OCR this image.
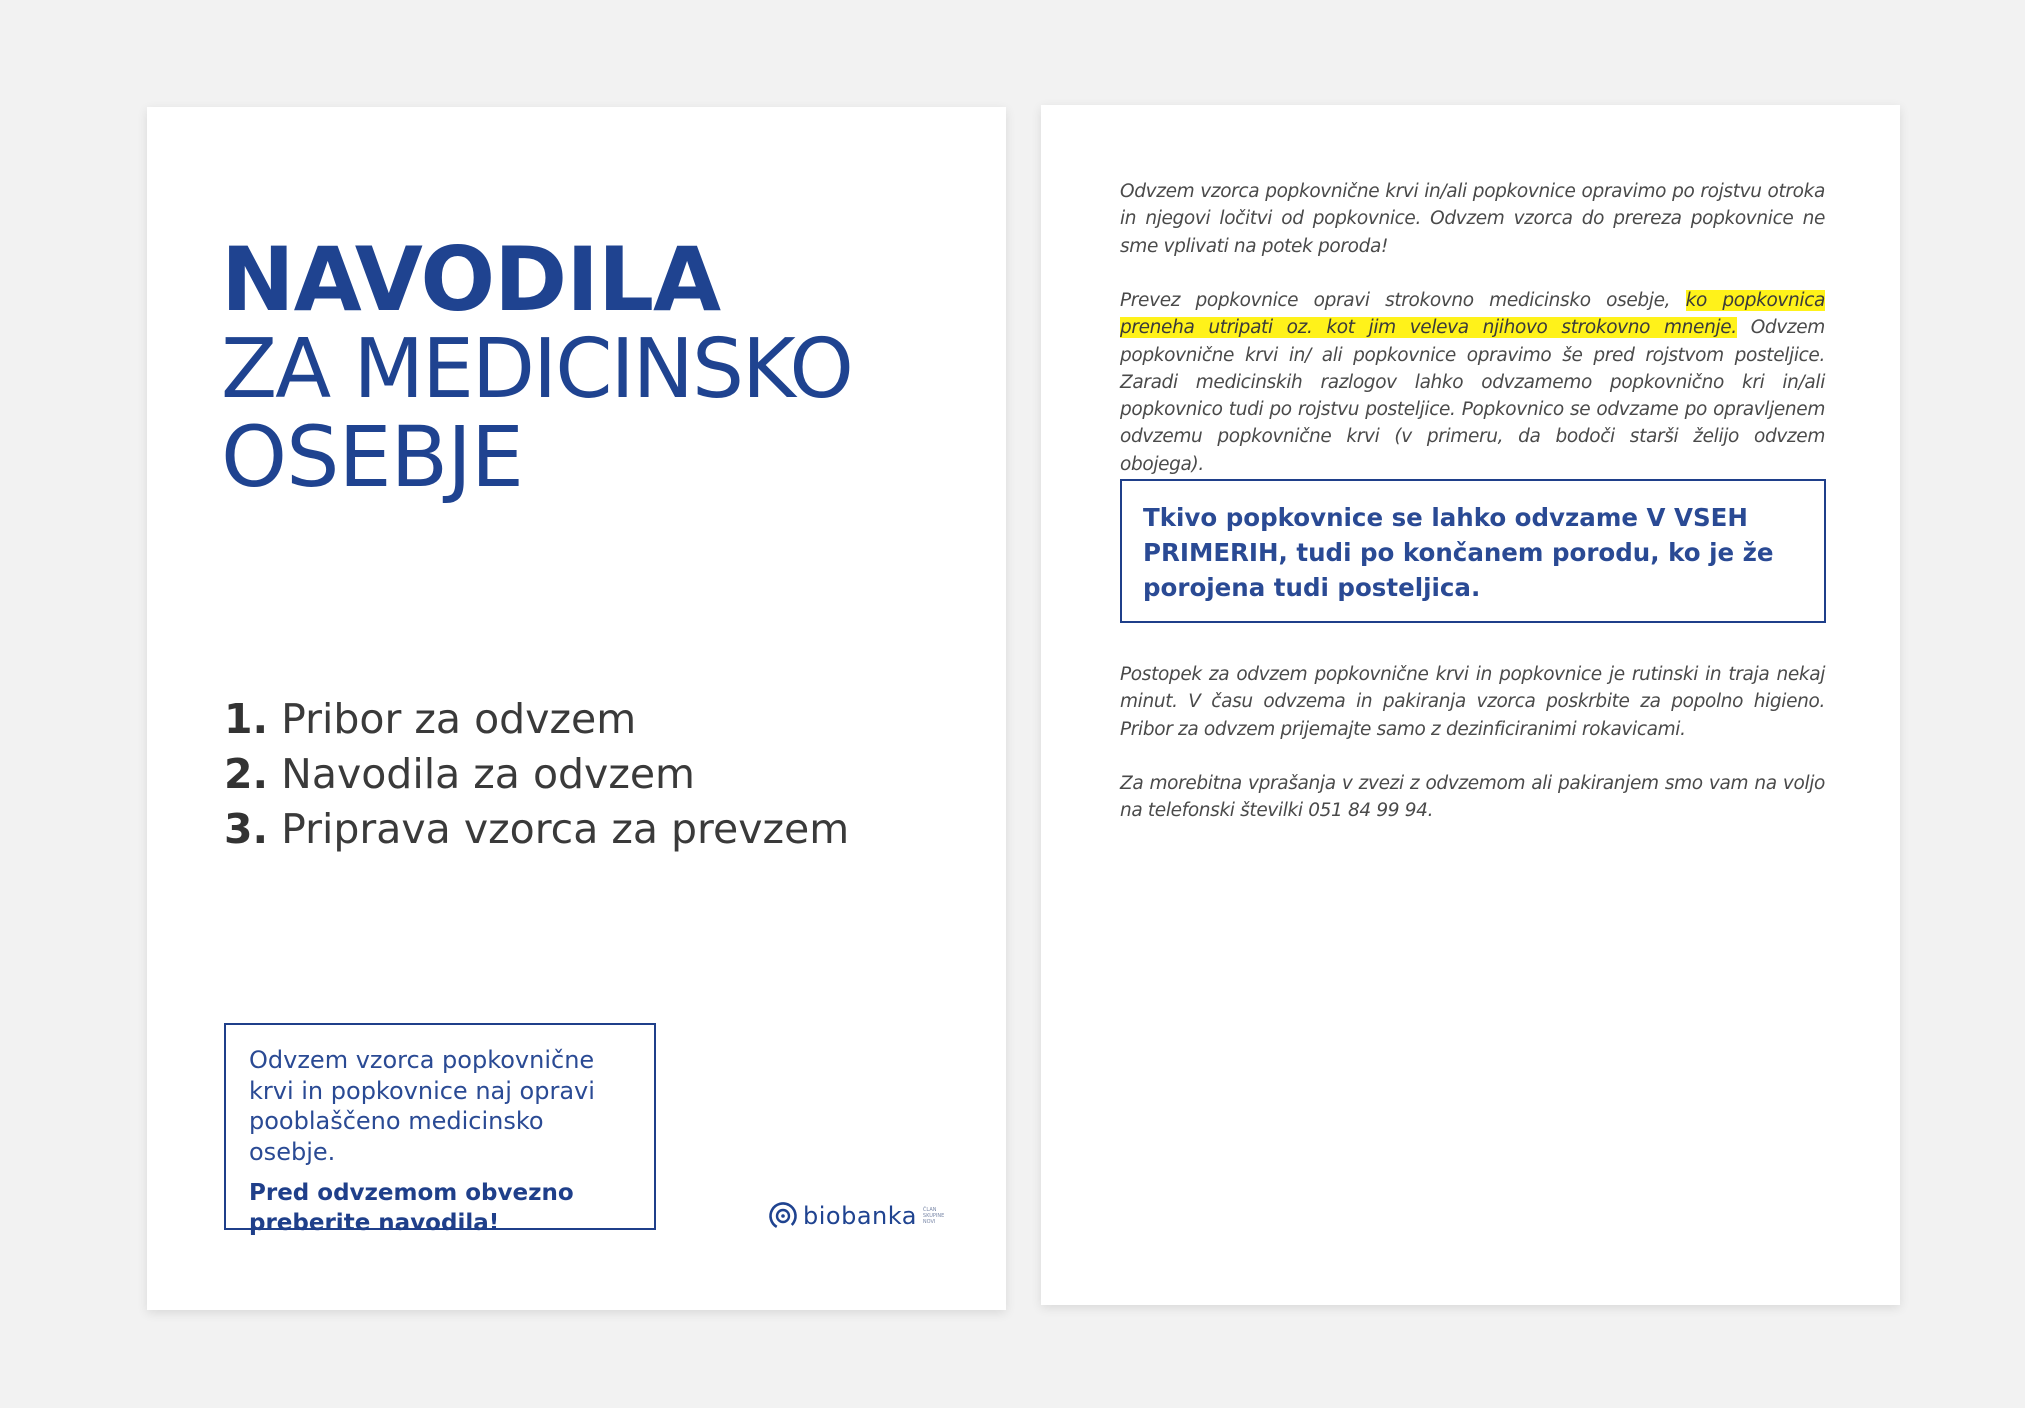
NAVODILA
ZA MEDICINSKO
OSEBJE
1. Pribor za odvzem
2. Navodila za odvzem
3. Priprava vzorca za prevzem

Odvzem vzorca popkovnične krvi in popkovnice naj opravi pooblaščeno medicinsko osebje.

Pred odvzemom obvezno preberite navodila!	biobanka ČLAN SKUPINE NOVI

Odvzem vzorca popkovnične krvi in/ali popkovnice opravimo po rojstvu otroka in njegovi ločitvi od popkovnice. Odvzem vzorca do prereza popkovnice ne sme vplivati na potek poroda!

Prevez popkovnice opravi strokovno medicinsko osebje, ko popkovnica preneha utripati oz. kot jim veleva njihovo strokovno mnenje. Odvzem popkovnične krvi in/ ali popkovnice opravimo še pred rojstvom posteljice. Zaradi medicinskih razlogov lahko odvzamemo popkovnično kri in/ali popkovnico tudi po rojstvu posteljice. Popkovnico se odvzame po opravljenem odvzemu popkovnične krvi (v primeru, da bodoči starši želijo odvzem obojega).

Tkivo popkovnice se lahko odvzame V VSEH PRIMERIH, tudi po končanem porodu, ko je že porojena tudi posteljica.

Postopek za odvzem popkovnične krvi in popkovnice je rutinski in traja nekaj minut. V času odvzema in pakiranja vzorca poskrbite za popolno higieno. Pribor za odvzem prijemajte samo z dezinficiranimi rokavicami.

Za morebitna vprašanja v zvezi z odvzemom ali pakiranjem smo vam na voljo na telefonski številki 051 84 99 94.
